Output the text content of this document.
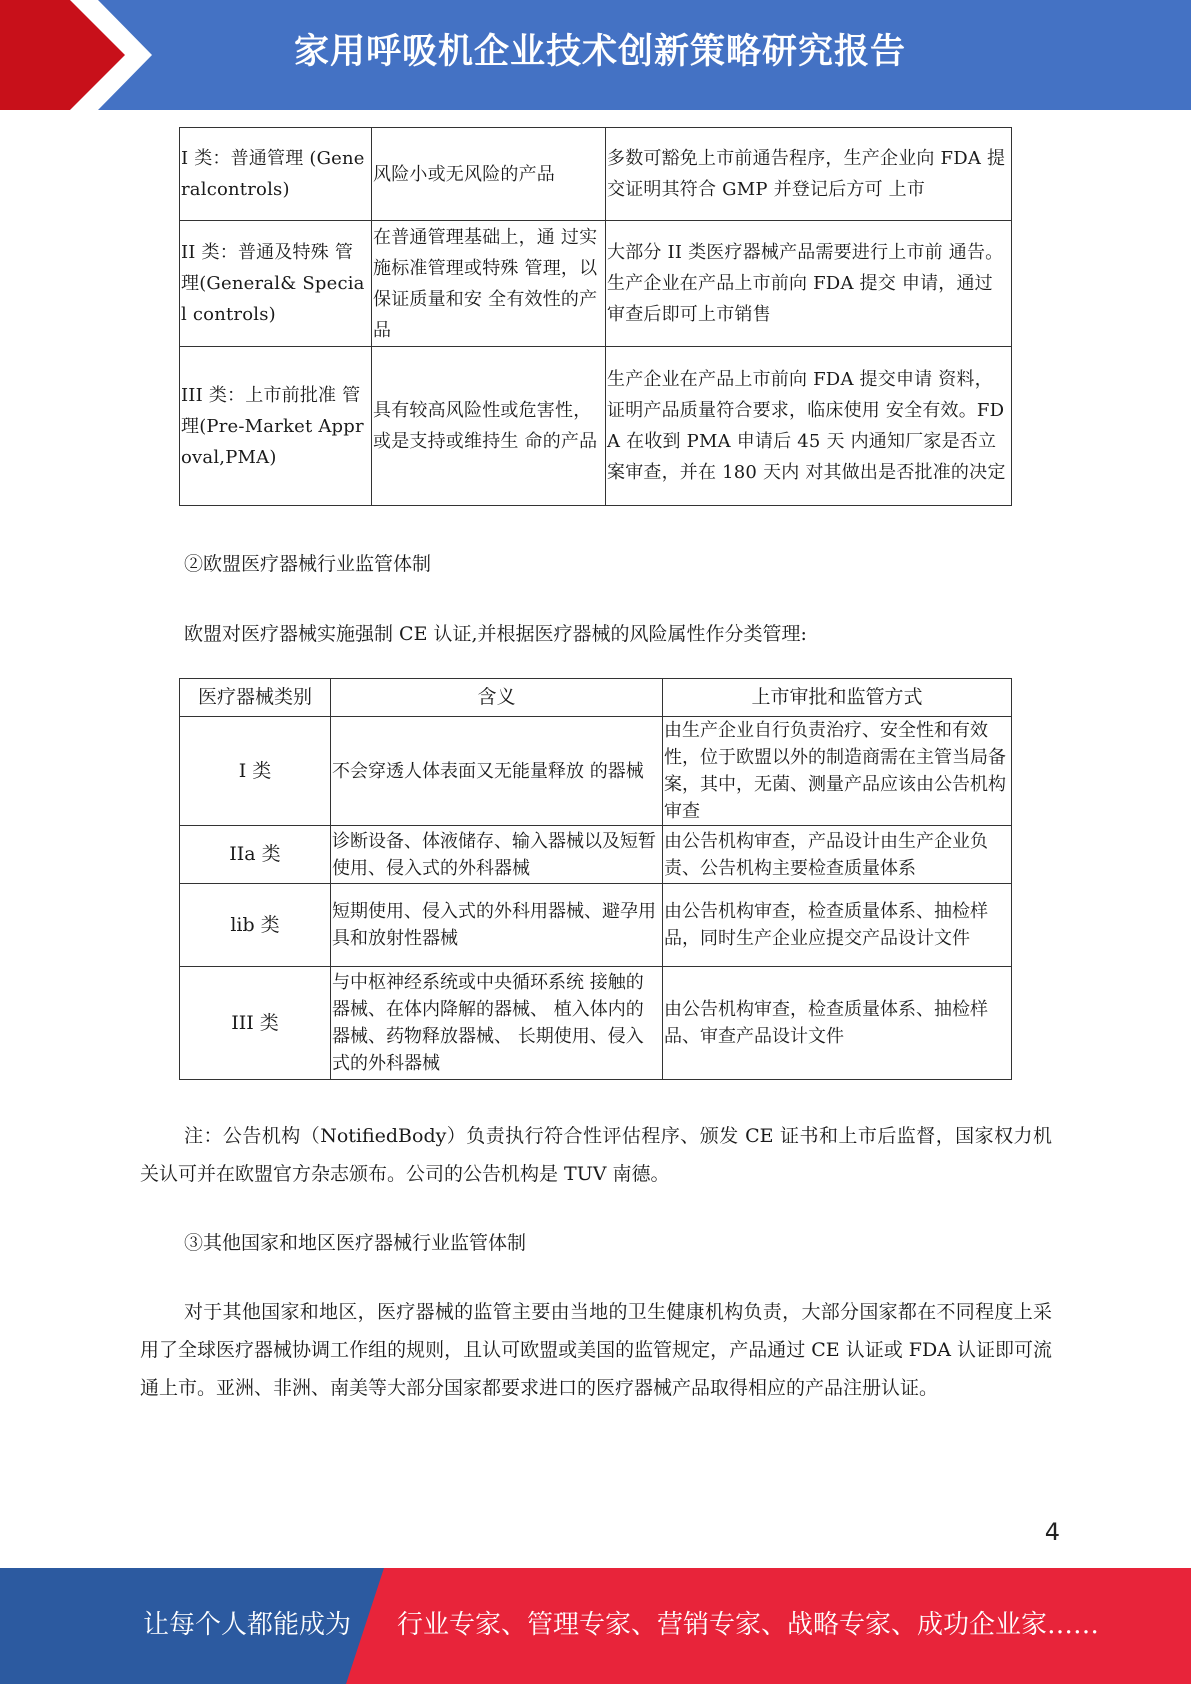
家用呼吸机企业技术创新策略研究报告
I 类：普通管理 (Generalcontrols)	风险小或无风险的产品	多数可豁免上市前通告程序，生产企业向 FDA 提交证明其符合 GMP 并登记后方可 上市
II 类：普通及特殊 管理(General& Special controls)	在普通管理基础上，通 过实施标准管理或特殊 管理，以保证质量和安 全有效性的产品	大部分 II 类医疗器械产品需要进行上市前 通告。生产企业在产品上市前向 FDA 提交 申请，通过审查后即可上市销售
III 类：上市前批准 管理(Pre-Market Approval,PMA)	具有较高风险性或危害性，或是支持或维持生 命的产品	生产企业在产品上市前向 FDA 提交申请 资料，证明产品质量符合要求，临床使用 安全有效。FDA 在收到 PMA 申请后 45 天 内通知厂家是否立案审查，并在 180 天内 对其做出是否批准的决定
②欧盟医疗器械行业监管体制
欧盟对医疗器械实施强制 CE 认证,并根据医疗器械的风险属性作分类管理:
医疗器械类别	含义	上市审批和监管方式
I 类	不会穿透人体表面又无能量释放 的器械	由生产企业自行负责治疗、安全性和有效性，位于欧盟以外的制造商需在主管当局备案，其中，无菌、测量产品应该由公告机构审查
IIa 类	诊断设备、体液储存、输入器械以及短暂使用、侵入式的外科器械	由公告机构审查，产品设计由生产企业负责、公告机构主要检查质量体系
lib 类	短期使用、侵入式的外科用器械、避孕用具和放射性器械	由公告机构审查，检查质量体系、抽检样品，同时生产企业应提交产品设计文件
III 类	与中枢神经系统或中央循环系统 接触的器械、在体内降解的器械、 植入体内的器械、药物释放器械、 长期使用、侵入式的外科器械	由公告机构审查，检查质量体系、抽检样品、审查产品设计文件
注：公告机构（NotifiedBody）负责执行符合性评估程序、颁发 CE 证书和上市后监督，国家权力机关认可并在欧盟官方杂志颁布。公司的公告机构是 TUV 南德。
③其他国家和地区医疗器械行业监管体制
对于其他国家和地区，医疗器械的监管主要由当地的卫生健康机构负责，大部分国家都在不同程度上采用了全球医疗器械协调工作组的规则，且认可欧盟或美国的监管规定，产品通过 CE 认证或 FDA 认证即可流通上市。亚洲、非洲、南美等大部分国家都要求进口的医疗器械产品取得相应的产品注册认证。
4
让每个人都能成为 行业专家、管理专家、营销专家、战略专家、成功企业家……
